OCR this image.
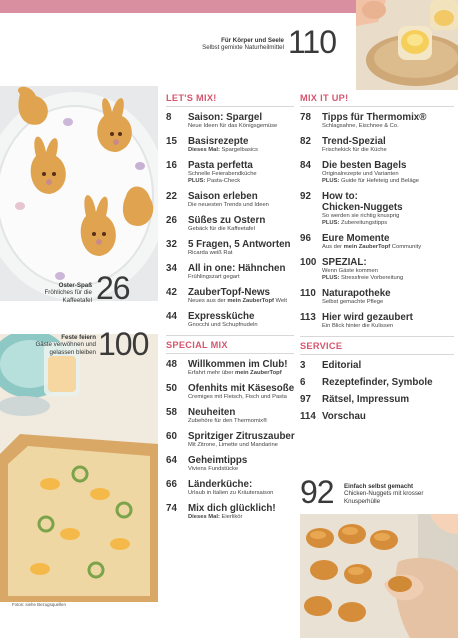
110
Für Körper und Seele
Selbst gemixte Naturheilmittel
26
Oster-Spaß
Fröhliches für die Kaffeetafel
100
Feste feiern
Gäste verwöhnen und gelassen bleiben
92 Einfach selbst gemacht
Chicken-Nuggets mit krosser Knusperhülle
LET'S MIX!
8	Saison: Spargel
Neue Ideen für das Königsgemüse
15	Basisrezepte
Dieses Mal: Spargelbasics
16	Pasta perfetta
Schnelle Feierabendküche
PLUS: Pasta-Check
22	Saison erleben
Die neuesten Trends und Ideen
26	Süßes zu Ostern
Gebäck für die Kaffeetafel
32	5 Fragen, 5 Antworten
Ricarda weiß Rat
34	All in one: Hähnchen
Frühlingszart gegart
42	ZauberTopf-News
Neues aus der mein ZauberTopf Welt
44	Expressküche
Gnocchi und Schupfnudeln
SPECIAL MIX
48	Willkommen im Club!
Erfahrt mehr über mein ZauberTopf
50	Ofenhits mit Käsesoße
Cremiges mit Fleisch, Fisch und Pasta
58	Neuheiten
Zubehöre für den Thermomix®
60	Spritziger Zitruszauber
Mit Zitrone, Limette und Mandarine
64	Geheimtipps
Viviens Fundstücke
66	Länderküche:
Urlaub in Italien zu Kräutersaison
74	Mix dich glücklich!
Dieses Mal: Eierlikör
MIX IT UP!
78	Tipps für Thermomix®
Schlagsahne, Eischnee & Co.
82	Trend-Spezial
Frischekick für die Küche
84	Die besten Bagels
Originalrezepte und Varianten
PLUS: Guide für Hefeteig und Beläge
92	How to:
Chicken-Nuggets
So werden sie richtig knusprig
PLUS: Zubereitungstipps
96	Eure Momente
Aus der mein ZauberTopf Community
100 SPEZIAL:
Wenn Gäste kommen
PLUS: Stressfreie Vorbereitung
110 Naturapotheke
Selbst gemachte Pflege
113 Hier wird gezaubert
Ein Blick hinter die Kulissen
SERVICE
3	Editorial
6	Rezeptefinder, Symbole
97	Rätsel, Impressum
114 Vorschau
Fotos: siehe Bezugsquellen
